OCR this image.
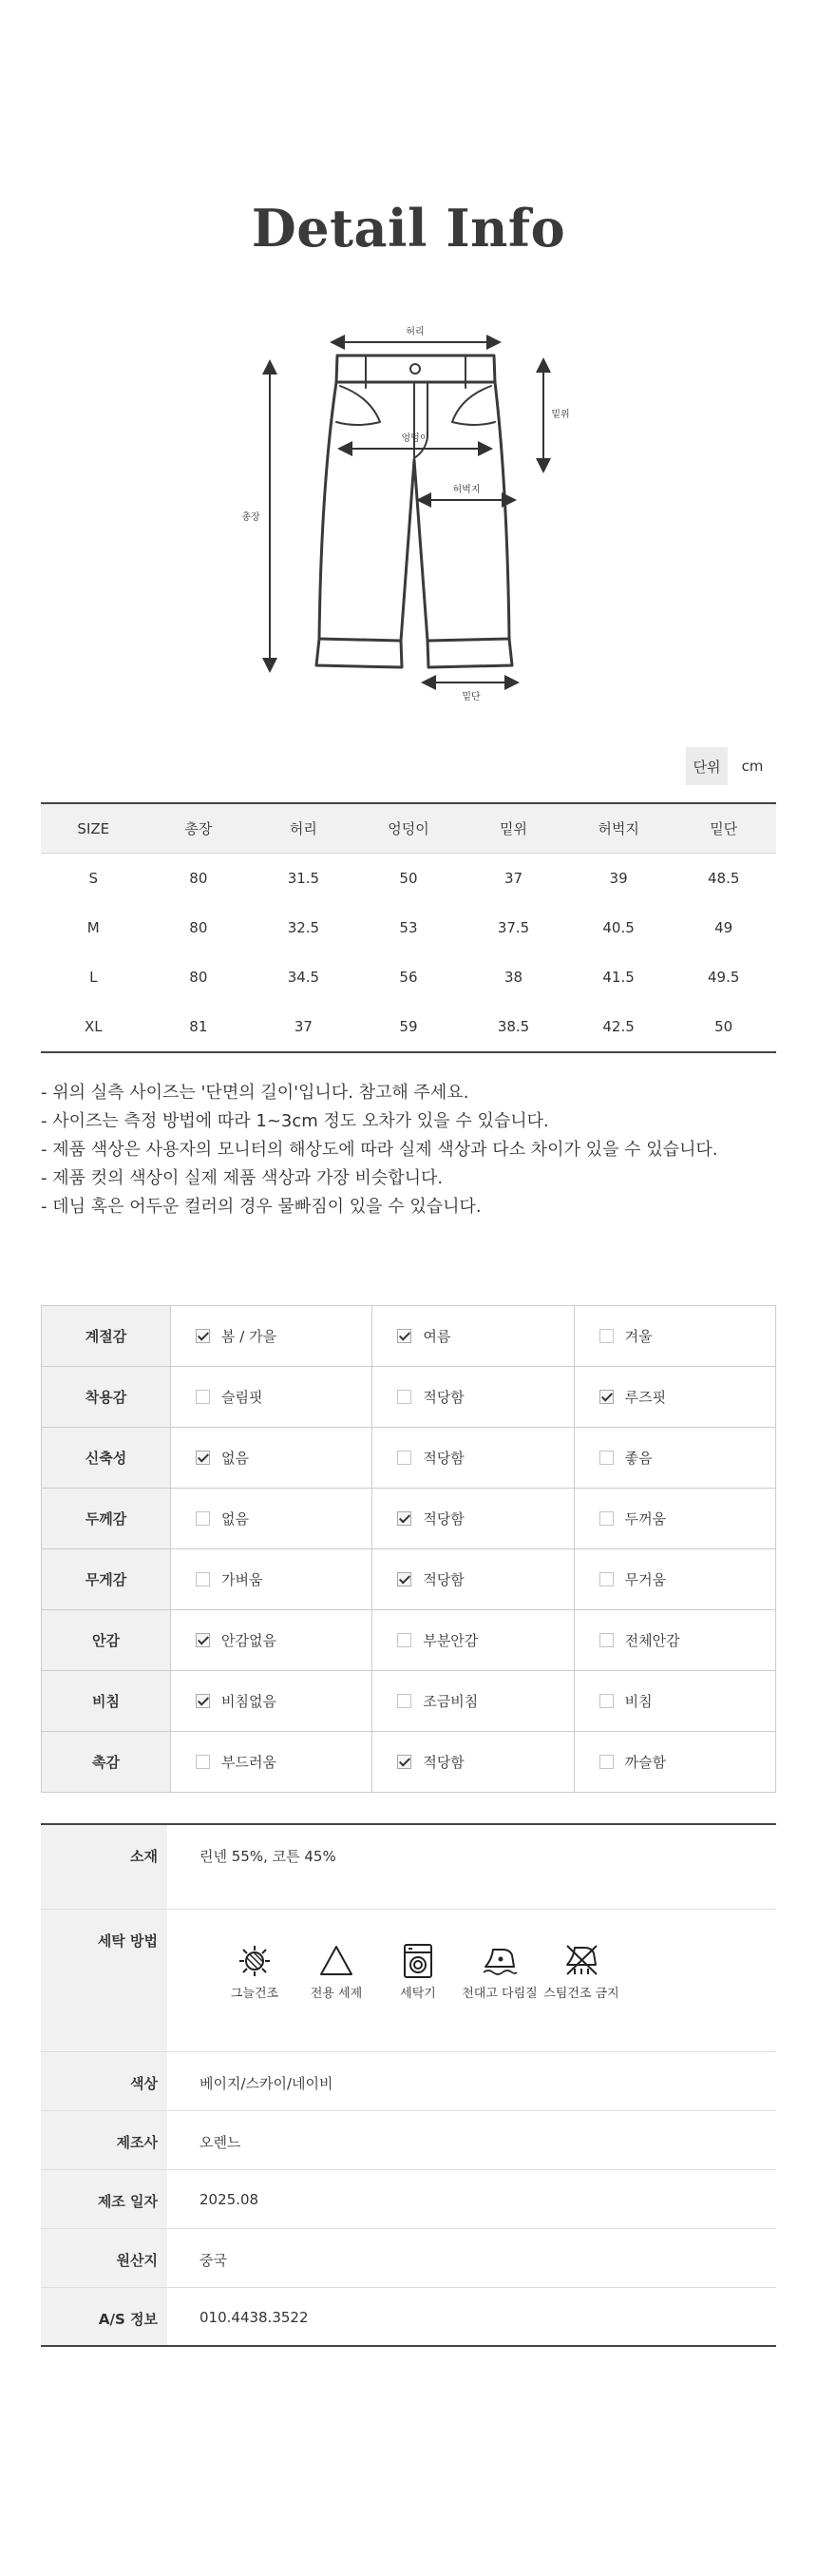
Detail Info
허리
엉덩이
허벅지
밑단
총장
밑위
단위	cm
SIZE	총장	허리	엉덩이	밑위	허벅지	밑단
S	80	31.5	50	37	39	48.5
M	80	32.5	53	37.5	40.5	49
L	80	34.5	56	38	41.5	49.5
XL	81	37	59	38.5	42.5	50

- 위의 실측 사이즈는 '단면의 길이'입니다. 참고해 주세요.

- 사이즈는 측정 방법에 따라 1~3cm 정도 오차가 있을 수 있습니다.

- 제품 색상은 사용자의 모니터의 해상도에 따라 실제 색상과 다소 차이가 있을 수 있습니다.

- 제품 컷의 색상이 실제 제품 색상과 가장 비슷합니다.

- 데님 혹은 어두운 컬러의 경우 물빠짐이 있을 수 있습니다.

계절감	봄 / 가을	여름	겨울
착용감	슬림핏	적당함	루즈핏
신축성	없음	적당함	좋음
두께감	없음	적당함	두꺼움
무게감	가벼움	적당함	무거움
안감	안감없음	부분안감	전체안감
비침	비침없음	조금비침	비침
촉감	부드러움	적당함	까슬함
소재	린넨 55%, 코튼 45%
세탁 방법	그늘건조 전용 세제 세탁기 천대고 다림질 스팀건조 금지

색상	베이지/스카이/네이비
제조사	오렌느
제조 일자	2025.08
원산지	중국
A/S 정보	010.4438.3522
